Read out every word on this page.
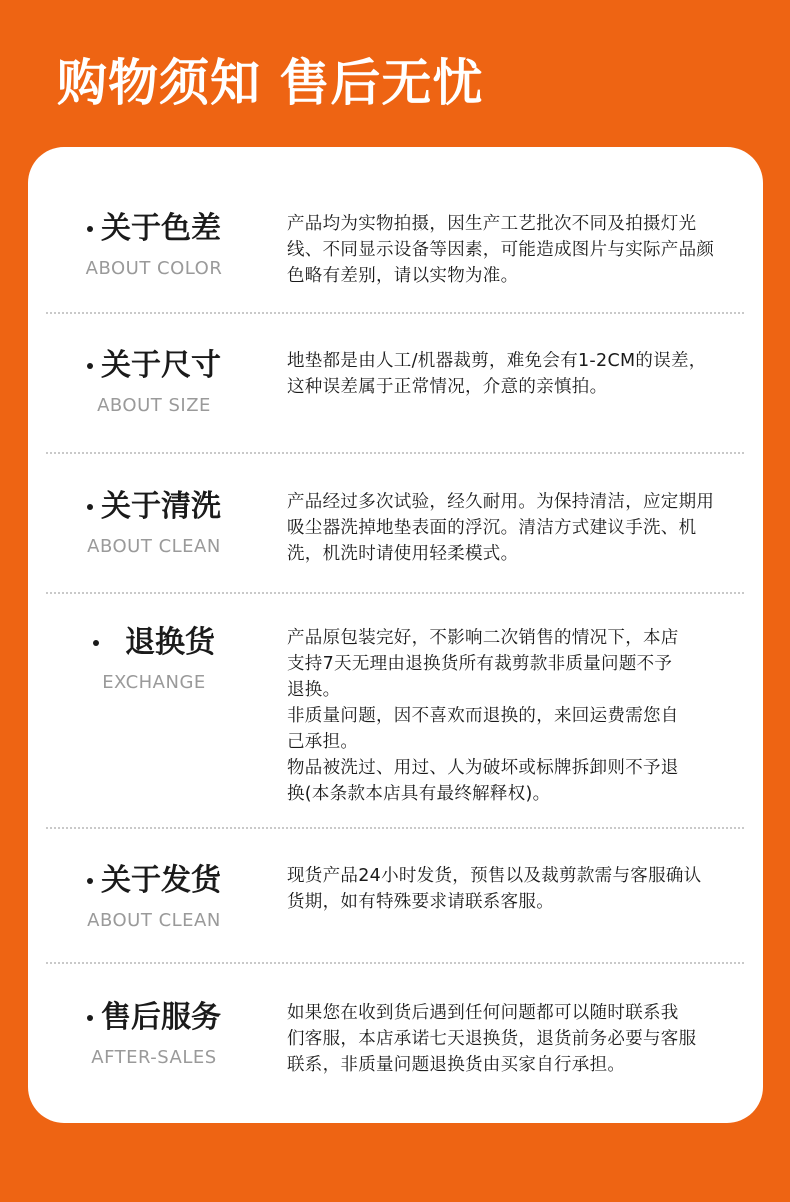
购物须知 售后无忧
关于色差
ABOUT COLOR
产品均为实物拍摄，因生产工艺批次不同及拍摄灯光
线、不同显示设备等因素，可能造成图片与实际产品颜
色略有差别，请以实物为准。
关于尺寸
ABOUT SIZE
地垫都是由人工/机器裁剪，难免会有1-2CM的误差，
这种误差属于正常情况，介意的亲慎拍。
关于清洗
ABOUT CLEAN
产品经过多次试验，经久耐用。为保持清洁，应定期用
吸尘器洗掉地垫表面的浮沉。清洁方式建议手洗、机
洗，机洗时请使用轻柔模式。
退换货
EXCHANGE
产品原包装完好，不影响二次销售的情况下，本店
支持7天无理由退换货所有裁剪款非质量问题不予
退换。
非质量问题，因不喜欢而退换的，来回运费需您自
己承担。
物品被洗过、用过、人为破坏或标牌拆卸则不予退
换(本条款本店具有最终解释权)。
关于发货
ABOUT CLEAN
现货产品24小时发货，预售以及裁剪款需与客服确认
货期，如有特殊要求请联系客服。
售后服务
AFTER-SALES
如果您在收到货后遇到任何问题都可以随时联系我
们客服，本店承诺七天退换货，退货前务必要与客服
联系，非质量问题退换货由买家自行承担。
